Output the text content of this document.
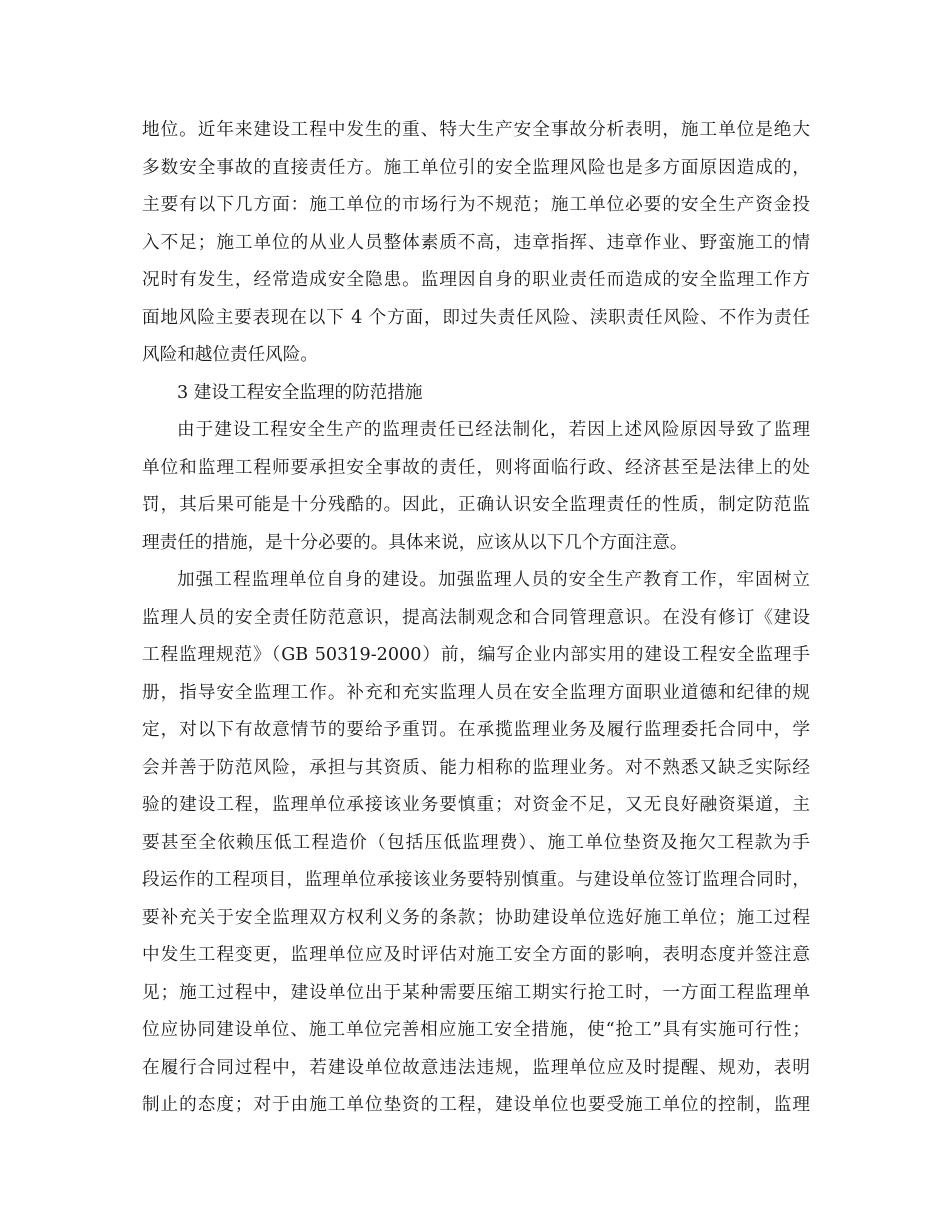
地位。近年来建设工程中发生的重、特大生产安全事故分析表明，施工单位是绝大
多数安全事故的直接责任方。施工单位引的安全监理风险也是多方面原因造成的，
主要有以下几方面：施工单位的市场行为不规范；施工单位必要的安全生产资金投
入不足；施工单位的从业人员整体素质不高，违章指挥、违章作业、野蛮施工的情
况时有发生，经常造成安全隐患。监理因自身的职业责任而造成的安全监理工作方
面地风险主要表现在以下 4 个方面，即过失责任风险、渎职责任风险、不作为责任
风险和越位责任风险。
3 建设工程安全监理的防范措施
由于建设工程安全生产的监理责任已经法制化，若因上述风险原因导致了监理
单位和监理工程师要承担安全事故的责任，则将面临行政、经济甚至是法律上的处
罚，其后果可能是十分残酷的。因此，正确认识安全监理责任的性质，制定防范监
理责任的措施，是十分必要的。具体来说，应该从以下几个方面注意。
加强工程监理单位自身的建设。加强监理人员的安全生产教育工作，牢固树立
监理人员的安全责任防范意识，提高法制观念和合同管理意识。在没有修订《建设
工程监理规范》（GB 50319-2000）前，编写企业内部实用的建设工程安全监理手
册，指导安全监理工作。补充和充实监理人员在安全监理方面职业道德和纪律的规
定，对以下有故意情节的要给予重罚。在承揽监理业务及履行监理委托合同中，学
会并善于防范风险，承担与其资质、能力相称的监理业务。对不熟悉又缺乏实际经
验的建设工程，监理单位承接该业务要慎重；对资金不足，又无良好融资渠道，主
要甚至全依赖压低工程造价（包括压低监理费）、施工单位垫资及拖欠工程款为手
段运作的工程项目，监理单位承接该业务要特别慎重。与建设单位签订监理合同时，
要补充关于安全监理双方权利义务的条款；协助建设单位选好施工单位；施工过程
中发生工程变更，监理单位应及时评估对施工安全方面的影响，表明态度并签注意
见；施工过程中，建设单位出于某种需要压缩工期实行抢工时，一方面工程监理单
位应协同建设单位、施工单位完善相应施工安全措施，使“抢工”具有实施可行性；
在履行合同过程中，若建设单位故意违法违规，监理单位应及时提醒、规劝，表明
制止的态度；对于由施工单位垫资的工程，建设单位也要受施工单位的控制，监理
